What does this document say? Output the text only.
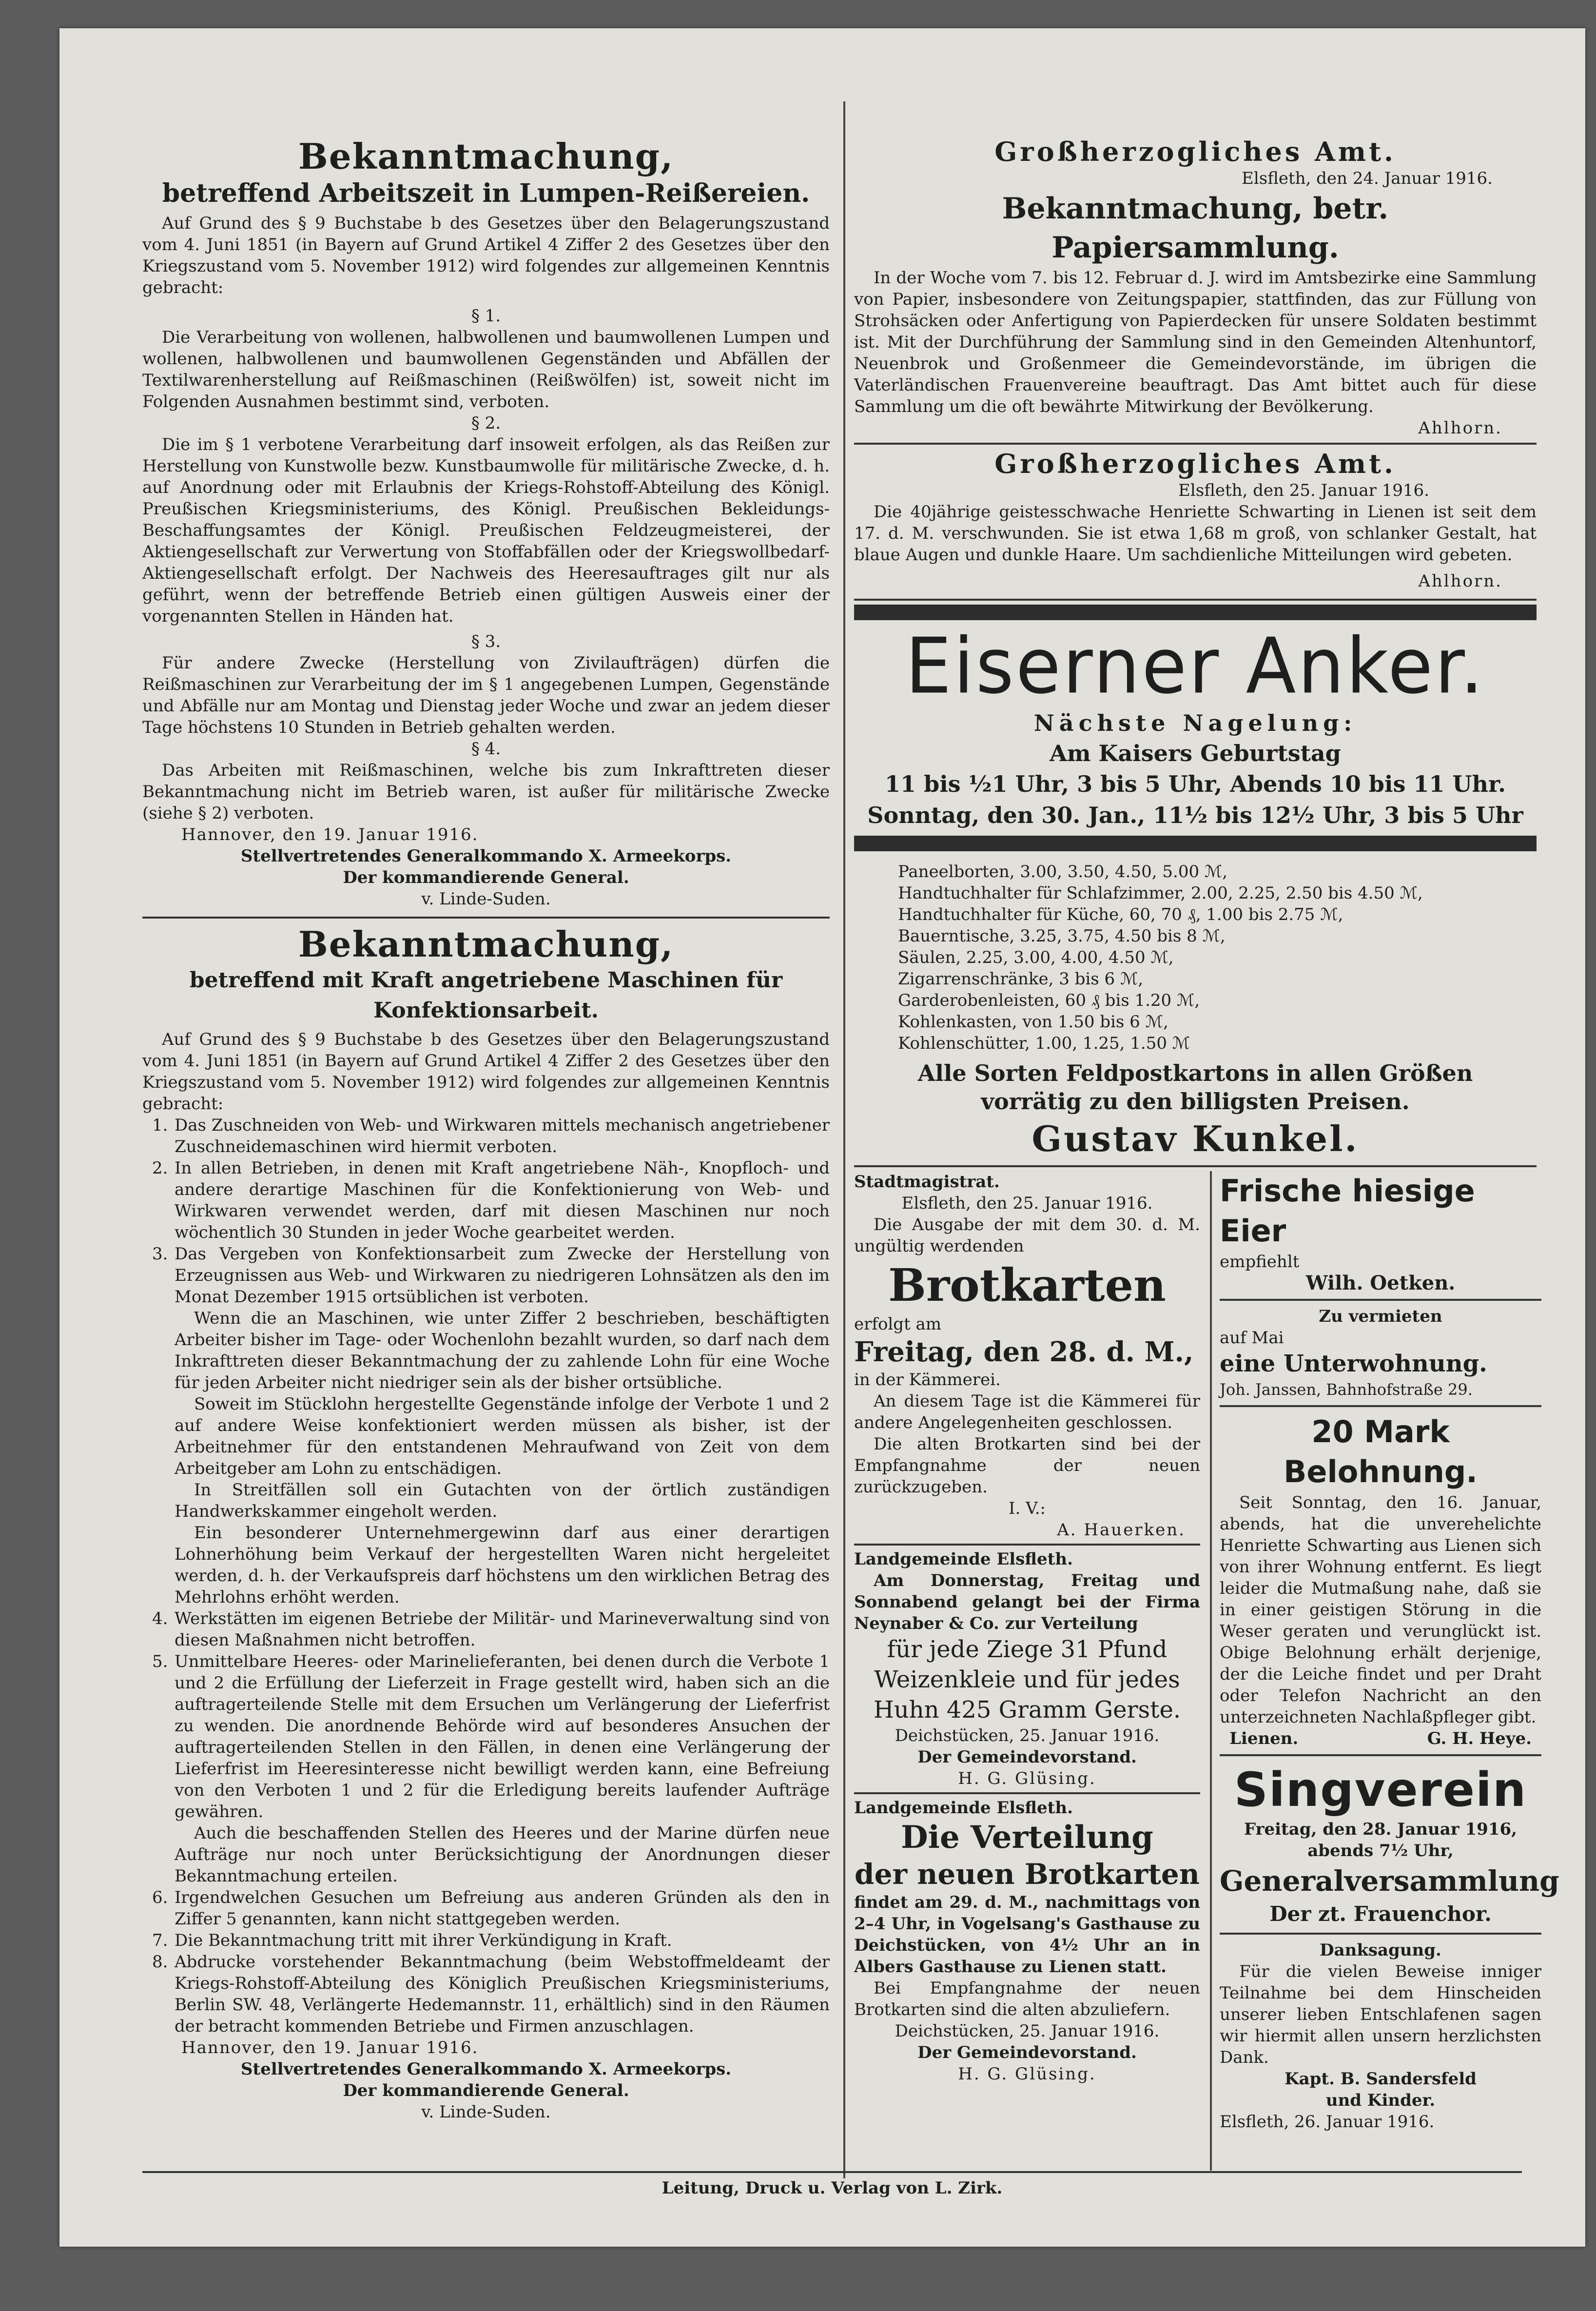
Bekanntmachung,

betreffend Arbeitszeit in Lumpen-Reißereien.

Auf Grund des § 9 Buchstabe b des Gesetzes über den Belagerungszustand vom 4. Juni 1851 (in Bayern auf Grund Artikel 4 Ziffer 2 des Gesetzes über den Kriegszustand vom 5. November 1912) wird folgendes zur allgemeinen Kenntnis gebracht:

§ 1.

Die Verarbeitung von wollenen, halbwollenen und baumwollenen Lumpen und wollenen, halbwollenen und baumwollenen Gegenständen und Abfällen der Textilwarenherstellung auf Reißmaschinen (Reißwölfen) ist, soweit nicht im Folgenden Ausnahmen bestimmt sind, verboten.

§ 2.

Die im § 1 verbotene Verarbeitung darf insoweit erfolgen, als das Reißen zur Herstellung von Kunstwolle bezw. Kunstbaumwolle für militärische Zwecke, d. h. auf Anordnung oder mit Erlaubnis der Kriegs-Rohstoff-Abteilung des Königl. Preußischen Kriegsministeriums, des Königl. Preußischen Bekleidungs-Beschaffungsamtes der Königl. Preußischen Feldzeugmeisterei, der Aktiengesellschaft zur Verwertung von Stoffabfällen oder der Kriegswollbedarf-Aktiengesellschaft erfolgt. Der Nachweis des Heeresauftrages gilt nur als geführt, wenn der betreffende Betrieb einen gültigen Ausweis einer der vorgenannten Stellen in Händen hat.

§ 3.

Für andere Zwecke (Herstellung von Zivilaufträgen) dürfen die Reißmaschinen zur Verarbeitung der im § 1 angegebenen Lumpen, Gegenstände und Abfälle nur am Montag und Dienstag jeder Woche und zwar an jedem dieser Tage höchstens 10 Stunden in Betrieb gehalten werden.

§ 4.

Das Arbeiten mit Reißmaschinen, welche bis zum Inkrafttreten dieser Bekanntmachung nicht im Betrieb waren, ist außer für militärische Zwecke (siehe § 2) verboten.

Hannover, den 19. Januar 1916.

Stellvertretendes Generalkommando X. Armeekorps.

Der kommandierende General.

v. Linde-Suden.

Bekanntmachung,

betreffend mit Kraft angetriebene Maschinen für Konfektionsarbeit.

Auf Grund des § 9 Buchstabe b des Gesetzes über den Belagerungszustand vom 4. Juni 1851 (in Bayern auf Grund Artikel 4 Ziffer 2 des Gesetzes über den Kriegszustand vom 5. November 1912) wird folgendes zur allgemeinen Kenntnis gebracht:

1. Das Zuschneiden von Web- und Wirkwaren mittels mechanisch angetriebener Zuschneidemaschinen wird hiermit verboten.
2. In allen Betrieben, in denen mit Kraft angetriebene Näh-, Knopfloch- und andere derartige Maschinen für die Konfektionierung von Web- und Wirkwaren verwendet werden, darf mit diesen Maschinen nur noch wöchentlich 30 Stunden in jeder Woche gearbeitet werden.
3. Das Vergeben von Konfektionsarbeit zum Zwecke der Herstellung von Erzeugnissen aus Web- und Wirkwaren zu niedrigeren Lohnsätzen als den im Monat Dezember 1915 ortsüblichen ist verboten.

Wenn die an Maschinen, wie unter Ziffer 2 beschrieben, beschäftigten Arbeiter bisher im Tage- oder Wochenlohn bezahlt wurden, so darf nach dem Inkrafttreten dieser Bekanntmachung der zu zahlende Lohn für eine Woche für jeden Arbeiter nicht niedriger sein als der bisher ortsübliche.

Soweit im Stücklohn hergestellte Gegenstände infolge der Verbote 1 und 2 auf andere Weise konfektioniert werden müssen als bisher, ist der Arbeitnehmer für den entstandenen Mehraufwand von Zeit von dem Arbeitgeber am Lohn zu entschädigen.

In Streitfällen soll ein Gutachten von der örtlich zuständigen Handwerkskammer eingeholt werden.

Ein besonderer Unternehmergewinn darf aus einer derartigen Lohnerhöhung beim Verkauf der hergestellten Waren nicht hergeleitet werden, d. h. der Verkaufspreis darf höchstens um den wirklichen Betrag des Mehrlohns erhöht werden.

4. Werkstätten im eigenen Betriebe der Militär- und Marineverwaltung sind von diesen Maßnahmen nicht betroffen.
5. Unmittelbare Heeres- oder Marinelieferanten, bei denen durch die Verbote 1 und 2 die Erfüllung der Lieferzeit in Frage gestellt wird, haben sich an die auftragerteilende Stelle mit dem Ersuchen um Verlängerung der Lieferfrist zu wenden. Die anordnende Behörde wird auf besonderes Ansuchen der auftragerteilenden Stellen in den Fällen, in denen eine Verlängerung der Lieferfrist im Heeresinteresse nicht bewilligt werden kann, eine Befreiung von den Verboten 1 und 2 für die Erledigung bereits laufender Aufträge gewähren.

Auch die beschaffenden Stellen des Heeres und der Marine dürfen neue Aufträge nur noch unter Berücksichtigung der Anordnungen dieser Bekanntmachung erteilen.

6. Irgendwelchen Gesuchen um Befreiung aus anderen Gründen als den in Ziffer 5 genannten, kann nicht stattgegeben werden.
7. Die Bekanntmachung tritt mit ihrer Verkündigung in Kraft.
8. Abdrucke vorstehender Bekanntmachung (beim Webstoffmeldeamt der Kriegs-Rohstoff-Abteilung des Königlich Preußischen Kriegsministeriums, Berlin SW. 48, Verlängerte Hedemannstr. 11, erhältlich) sind in den Räumen der betracht kommenden Betriebe und Firmen anzuschlagen.

Hannover, den 19. Januar 1916.

Stellvertretendes Generalkommando X. Armeekorps.

Der kommandierende General.

v. Linde-Suden.

Leitung, Druck u. Verlag von L. Zirk.

Großherzogliches Amt.

Elsfleth, den 24. Januar 1916.

Bekanntmachung, betr. Papiersammlung.

In der Woche vom 7. bis 12. Februar d. J. wird im Amtsbezirke eine Sammlung von Papier, insbesondere von Zeitungspapier, stattfinden, das zur Füllung von Strohsäcken oder Anfertigung von Papierdecken für unsere Soldaten bestimmt ist. Mit der Durchführung der Sammlung sind in den Gemeinden Altenhuntorf, Neuenbrok und Großenmeer die Gemeindevorstände, im übrigen die Vaterländischen Frauenvereine beauftragt. Das Amt bittet auch für diese Sammlung um die oft bewährte Mitwirkung der Bevölkerung.

Ahlhorn.

Großherzogliches Amt.

Elsfleth, den 25. Januar 1916.

Die 40jährige geistesschwache Henriette Schwarting in Lienen ist seit dem 17. d. M. verschwunden. Sie ist etwa 1,68 m groß, von schlanker Gestalt, hat blaue Augen und dunkle Haare. Um sachdienliche Mitteilungen wird gebeten.

Ahlhorn.

Eiserner Anker.

Nächste Nagelung:

Am Kaisers Geburtstag

11 bis ½1 Uhr, 3 bis 5 Uhr, Abends 10 bis 11 Uhr.

Sonntag, den 30. Jan., 11½ bis 12½ Uhr, 3 bis 5 Uhr

Paneelborten, 3.00, 3.50, 4.50, 5.00 ℳ,

Handtuchhalter für Schlafzimmer, 2.00, 2.25, 2.50 bis 4.50 ℳ,

Handtuchhalter für Küche, 60, 70 ₰, 1.00 bis 2.75 ℳ,

Bauerntische, 3.25, 3.75, 4.50 bis 8 ℳ,

Säulen, 2.25, 3.00, 4.00, 4.50 ℳ,

Zigarrenschränke, 3 bis 6 ℳ,

Garderobenleisten, 60 ₰ bis 1.20 ℳ,

Kohlenkasten, von 1.50 bis 6 ℳ,

Kohlenschütter, 1.00, 1.25, 1.50 ℳ

Alle Sorten Feldpostkartons in allen Größen

vorrätig zu den billigsten Preisen.

Gustav Kunkel.

Stadtmagistrat.

Elsfleth, den 25. Januar 1916.

Die Ausgabe der mit dem 30. d. M. ungültig werdenden

Brotkarten

erfolgt am

Freitag, den 28. d. M.,

in der Kämmerei.

An diesem Tage ist die Kämmerei für andere Angelegenheiten geschlossen.

Die alten Brotkarten sind bei der Empfangnahme der neuen zurückzugeben.

I. V.:

A. Hauerken.

Landgemeinde Elsfleth.

Am Donnerstag, Freitag und Sonnabend gelangt bei der Firma Neynaber & Co. zur Verteilung

für jede Ziege 31 Pfund Weizenkleie und für jedes Huhn 425 Gramm Gerste.

Deichstücken, 25. Januar 1916.

Der Gemeindevorstand.

H. G. Glüsing.

Landgemeinde Elsfleth.

Die Verteilung

der neuen Brotkarten

findet am 29. d. M., nachmittags von 2–4 Uhr, in Vogelsang's Gasthause zu Deichstücken, von 4½ Uhr an in Albers Gasthause zu Lienen statt.

Bei Empfangnahme der neuen Brotkarten sind die alten abzuliefern.

Deichstücken, 25. Januar 1916.

Der Gemeindevorstand.

H. G. Glüsing.

Frische hiesige Eier

empfiehlt

Wilh. Oetken.

Zu vermieten

auf Mai

eine Unterwohnung.

Joh. Janssen, Bahnhofstraße 29.

20 Mark Belohnung.

Seit Sonntag, den 16. Januar, abends, hat die unverehelichte Henriette Schwarting aus Lienen sich von ihrer Wohnung entfernt. Es liegt leider die Mutmaßung nahe, daß sie in einer geistigen Störung in die Weser geraten und verunglückt ist. Obige Belohnung erhält derjenige, der die Leiche findet und per Draht oder Telefon Nachricht an den unterzeichneten Nachlaßpfleger gibt.

Lienen.	G. H. Heye.

Singverein

Freitag, den 28. Januar 1916,

abends 7½ Uhr,

Generalversammlung

Der zt. Frauenchor.

Danksagung.

Für die vielen Beweise inniger Teilnahme bei dem Hinscheiden unserer lieben Entschlafenen sagen wir hiermit allen unsern herzlichsten Dank.

Kapt. B. Sandersfeld

und Kinder.

Elsfleth, 26. Januar 1916.
